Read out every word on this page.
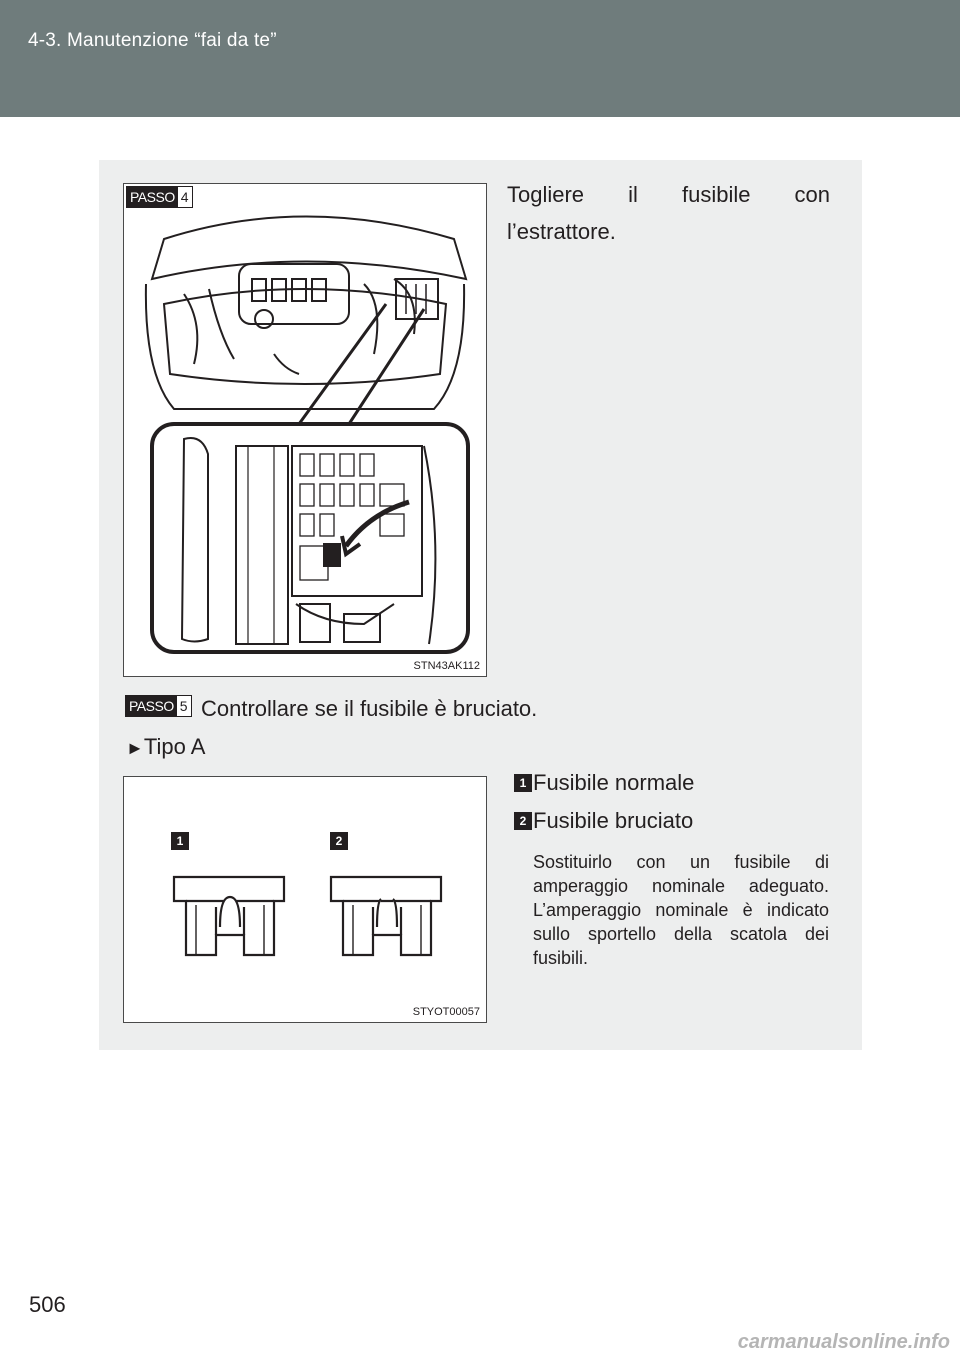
4-3. Manutenzione “fai da te”
PASSO 4
STN43AK112
Togliere il fusibile con l’estrattore.
PASSO 5 Controllare se il fusibile è bruciato.
►Tipo A
1	2
STYOT00057
1 Fusibile normale
2 Fusibile bruciato
Sostituirlo con un fusibile di amperaggio nominale adeguato. L’amperaggio nominale è indicato sullo sportello della scatola dei fusibili.
506
carmanualsonline.info
